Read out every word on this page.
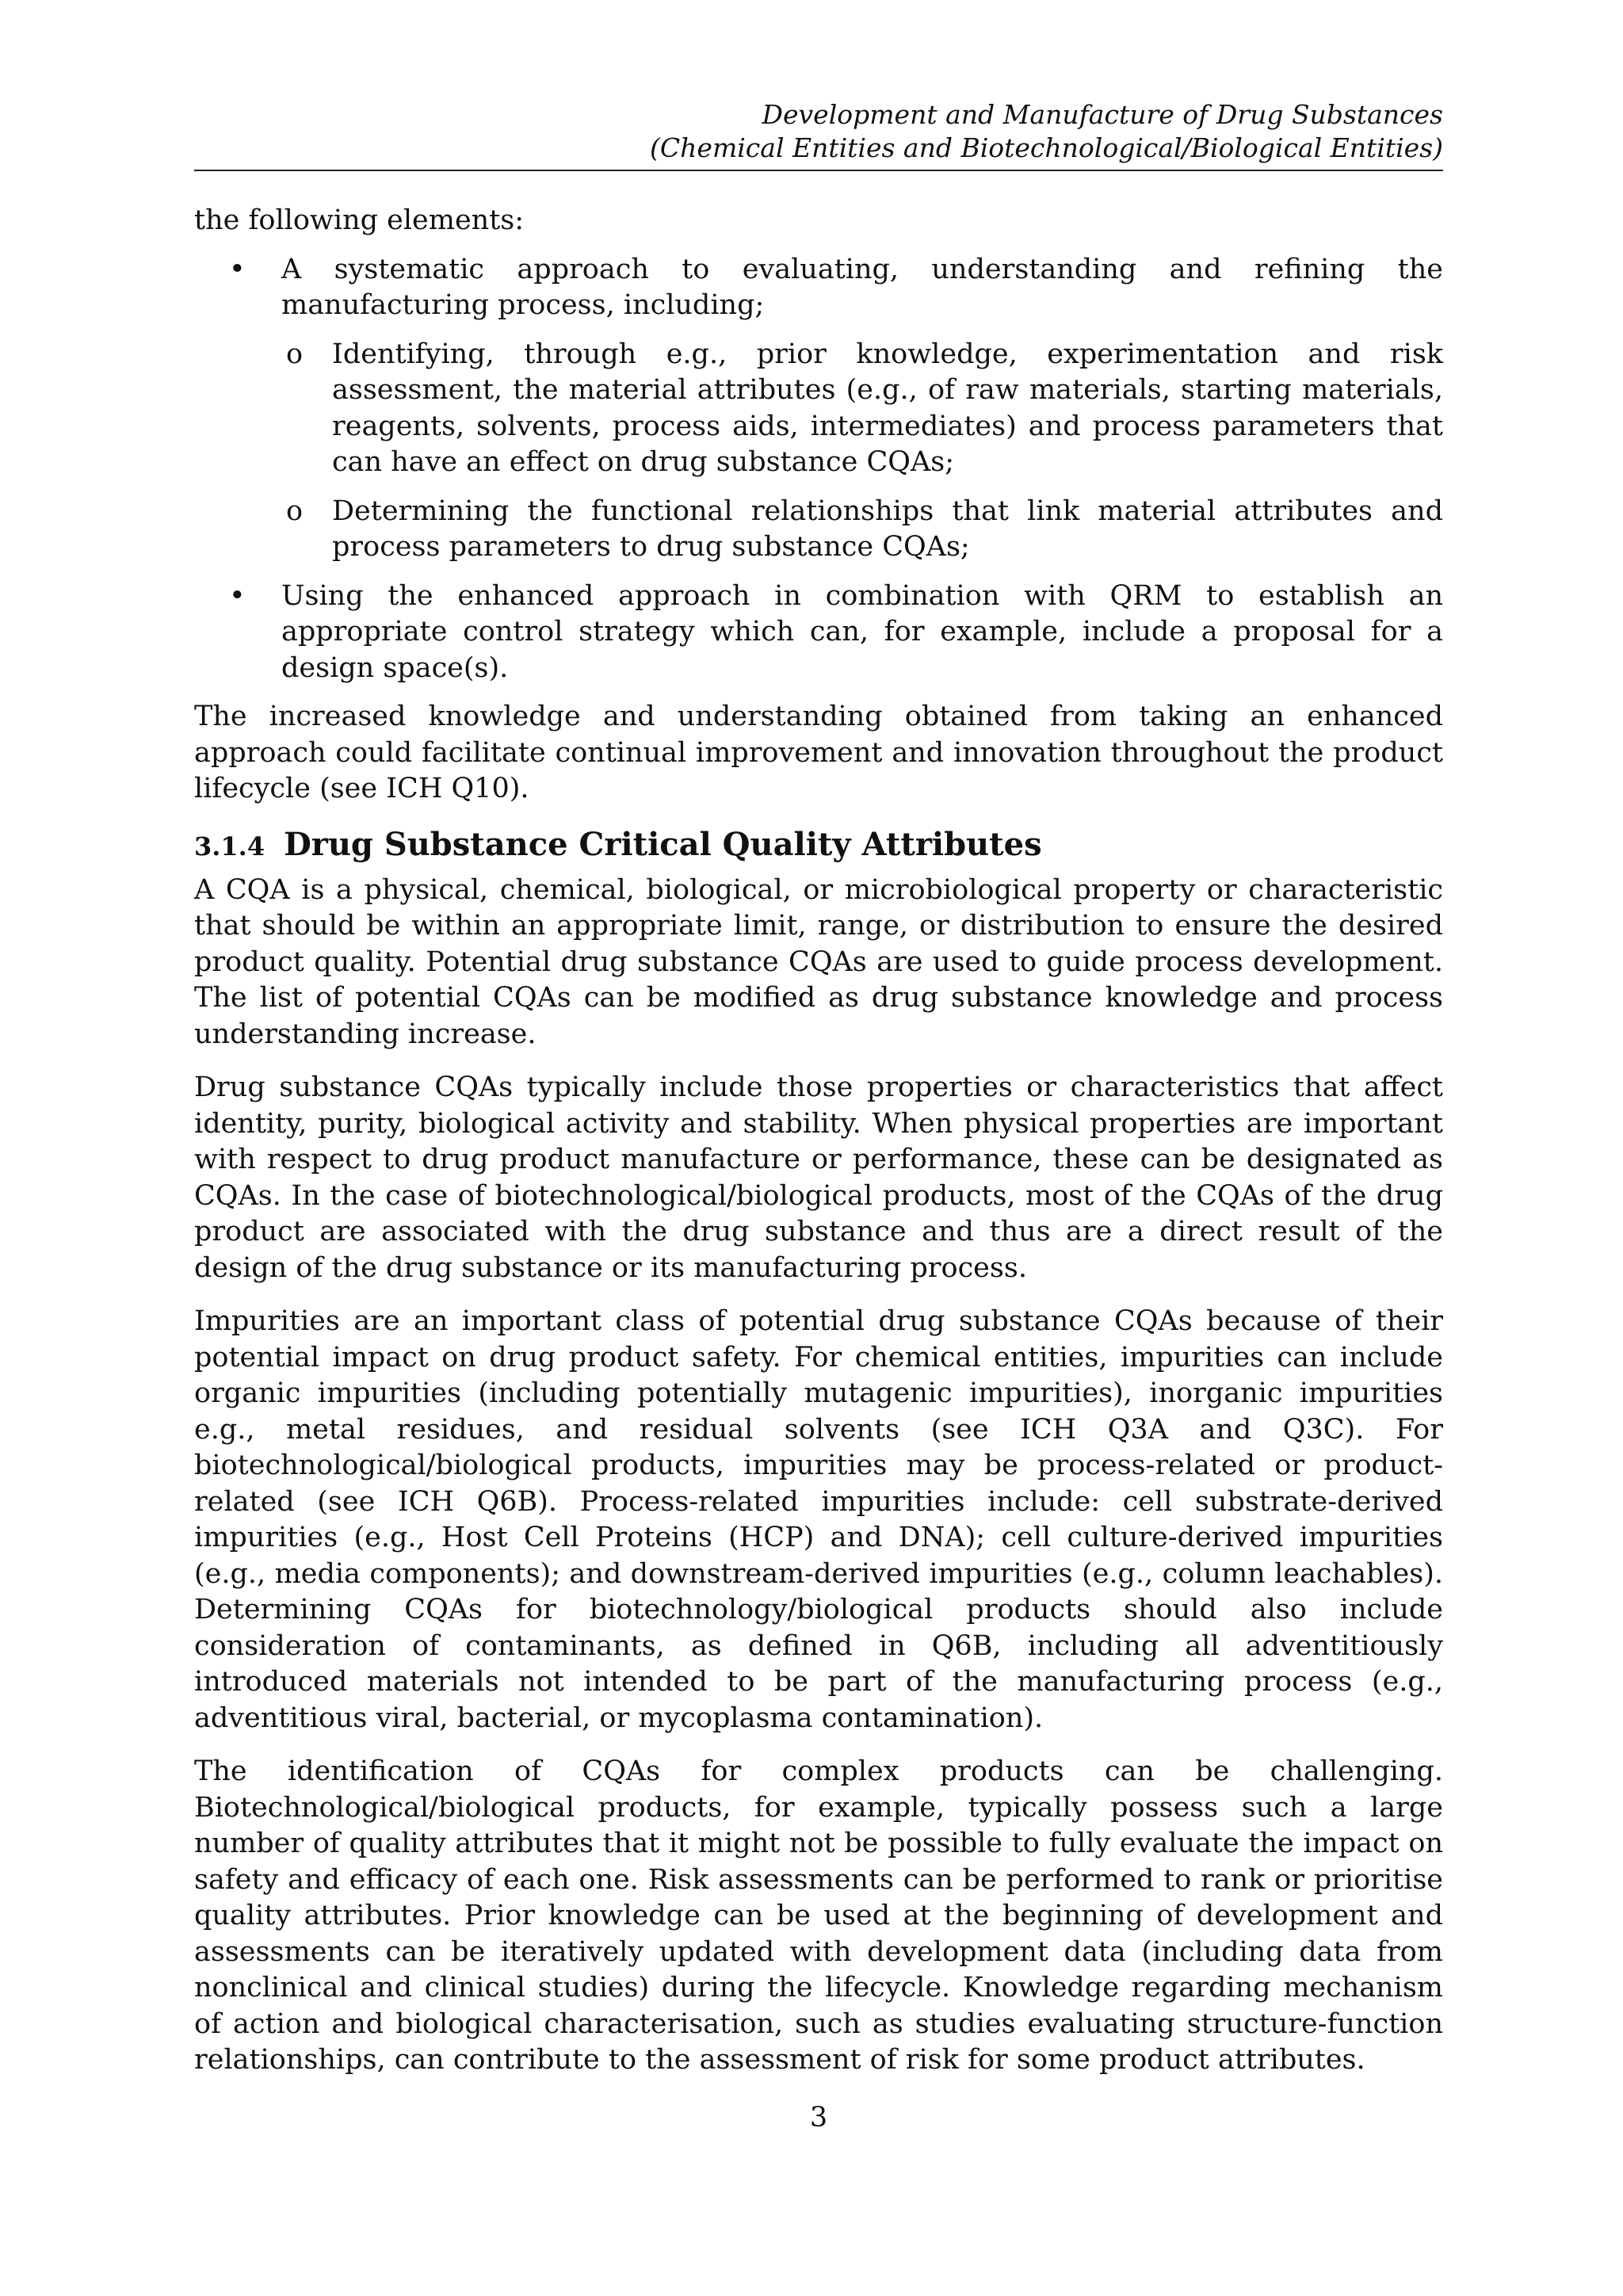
Development and Manufacture of Drug Substances
(Chemical Entities and Biotechnological/Biological Entities)

the following elements:

• A systematic approach to evaluating, understanding and refining the manufacturing process, including;
o Identifying, through e.g., prior knowledge, experimentation and risk assessment, the material attributes (e.g., of raw materials, starting materials, reagents, solvents, process aids, intermediates) and process parameters that can have an effect on drug substance CQAs;
o Determining the functional relationships that link material attributes and process parameters to drug substance CQAs;
• Using the enhanced approach in combination with QRM to establish an appropriate control strategy which can, for example, include a proposal for a design space(s).

The increased knowledge and understanding obtained from taking an enhanced approach could facilitate continual improvement and innovation throughout the product lifecycle (see ICH Q10).

3.1.4 Drug Substance Critical Quality Attributes

A CQA is a physical, chemical, biological, or microbiological property or characteristic that should be within an appropriate limit, range, or distribution to ensure the desired product quality. Potential drug substance CQAs are used to guide process development. The list of potential CQAs can be modified as drug substance knowledge and process understanding increase.

Drug substance CQAs typically include those properties or characteristics that affect identity, purity, biological activity and stability. When physical properties are important with respect to drug product manufacture or performance, these can be designated as CQAs. In the case of biotechnological/biological products, most of the CQAs of the drug product are associated with the drug substance and thus are a direct result of the design of the drug substance or its manufacturing process.

Impurities are an important class of potential drug substance CQAs because of their potential impact on drug product safety. For chemical entities, impurities can include organic impurities (including potentially mutagenic impurities), inorganic impurities e.g., metal residues, and residual solvents (see ICH Q3A and Q3C). For biotechnological/biological products, impurities may be process-related or product-related (see ICH Q6B). Process-related impurities include: cell substrate-derived impurities (e.g., Host Cell Proteins (HCP) and DNA); cell culture-derived impurities (e.g., media components); and downstream-derived impurities (e.g., column leachables). Determining CQAs for biotechnology/biological products should also include consideration of contaminants, as defined in Q6B, including all adventitiously introduced materials not intended to be part of the manufacturing process (e.g., adventitious viral, bacterial, or mycoplasma contamination).

The identification of CQAs for complex products can be challenging. Biotechnological/biological products, for example, typically possess such a large number of quality attributes that it might not be possible to fully evaluate the impact on safety and efficacy of each one. Risk assessments can be performed to rank or prioritise quality attributes. Prior knowledge can be used at the beginning of development and assessments can be iteratively updated with development data (including data from nonclinical and clinical studies) during the lifecycle. Knowledge regarding mechanism of action and biological characterisation, such as studies evaluating structure-function relationships, can contribute to the assessment of risk for some product attributes.

3
